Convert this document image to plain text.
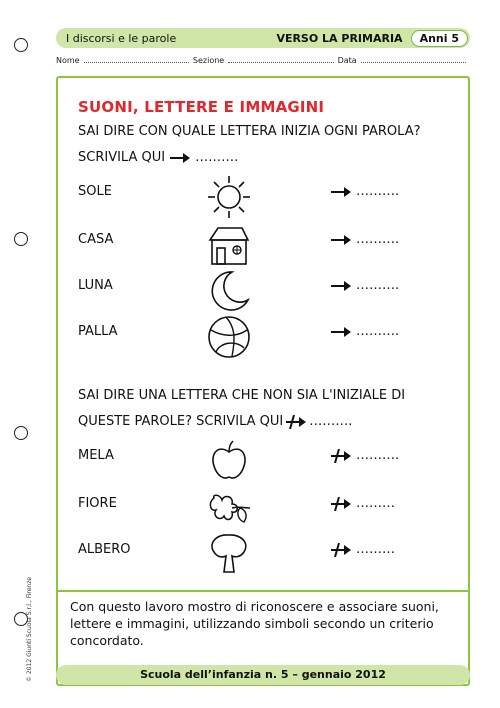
© 2012 Giunti Scuola S.r.l., Firenze
I discorsi e le parole	VERSO LA PRIMARIA	Anni 5
Nome	Sezione	Data
SUONI, LETTERE E IMMAGINI
SAI DIRE CON QUALE LETTERA INIZIA OGNI PAROLA?
SCRIVILA QUI ……….
SOLE	……….
CASA	……….
LUNA	……….
PALLA	……….
SAI DIRE UNA LETTERA CHE NON SIA L'INIZIALE DI
QUESTE PAROLE? SCRIVILA QUI ……….
MELA	……….
FIORE	………
ALBERO	………
Con questo lavoro mostro di riconoscere e associare suoni, lettere e immagini, utilizzando simboli secondo un criterio concordato.
Scuola dell’infanzia n. 5 – gennaio 2012
